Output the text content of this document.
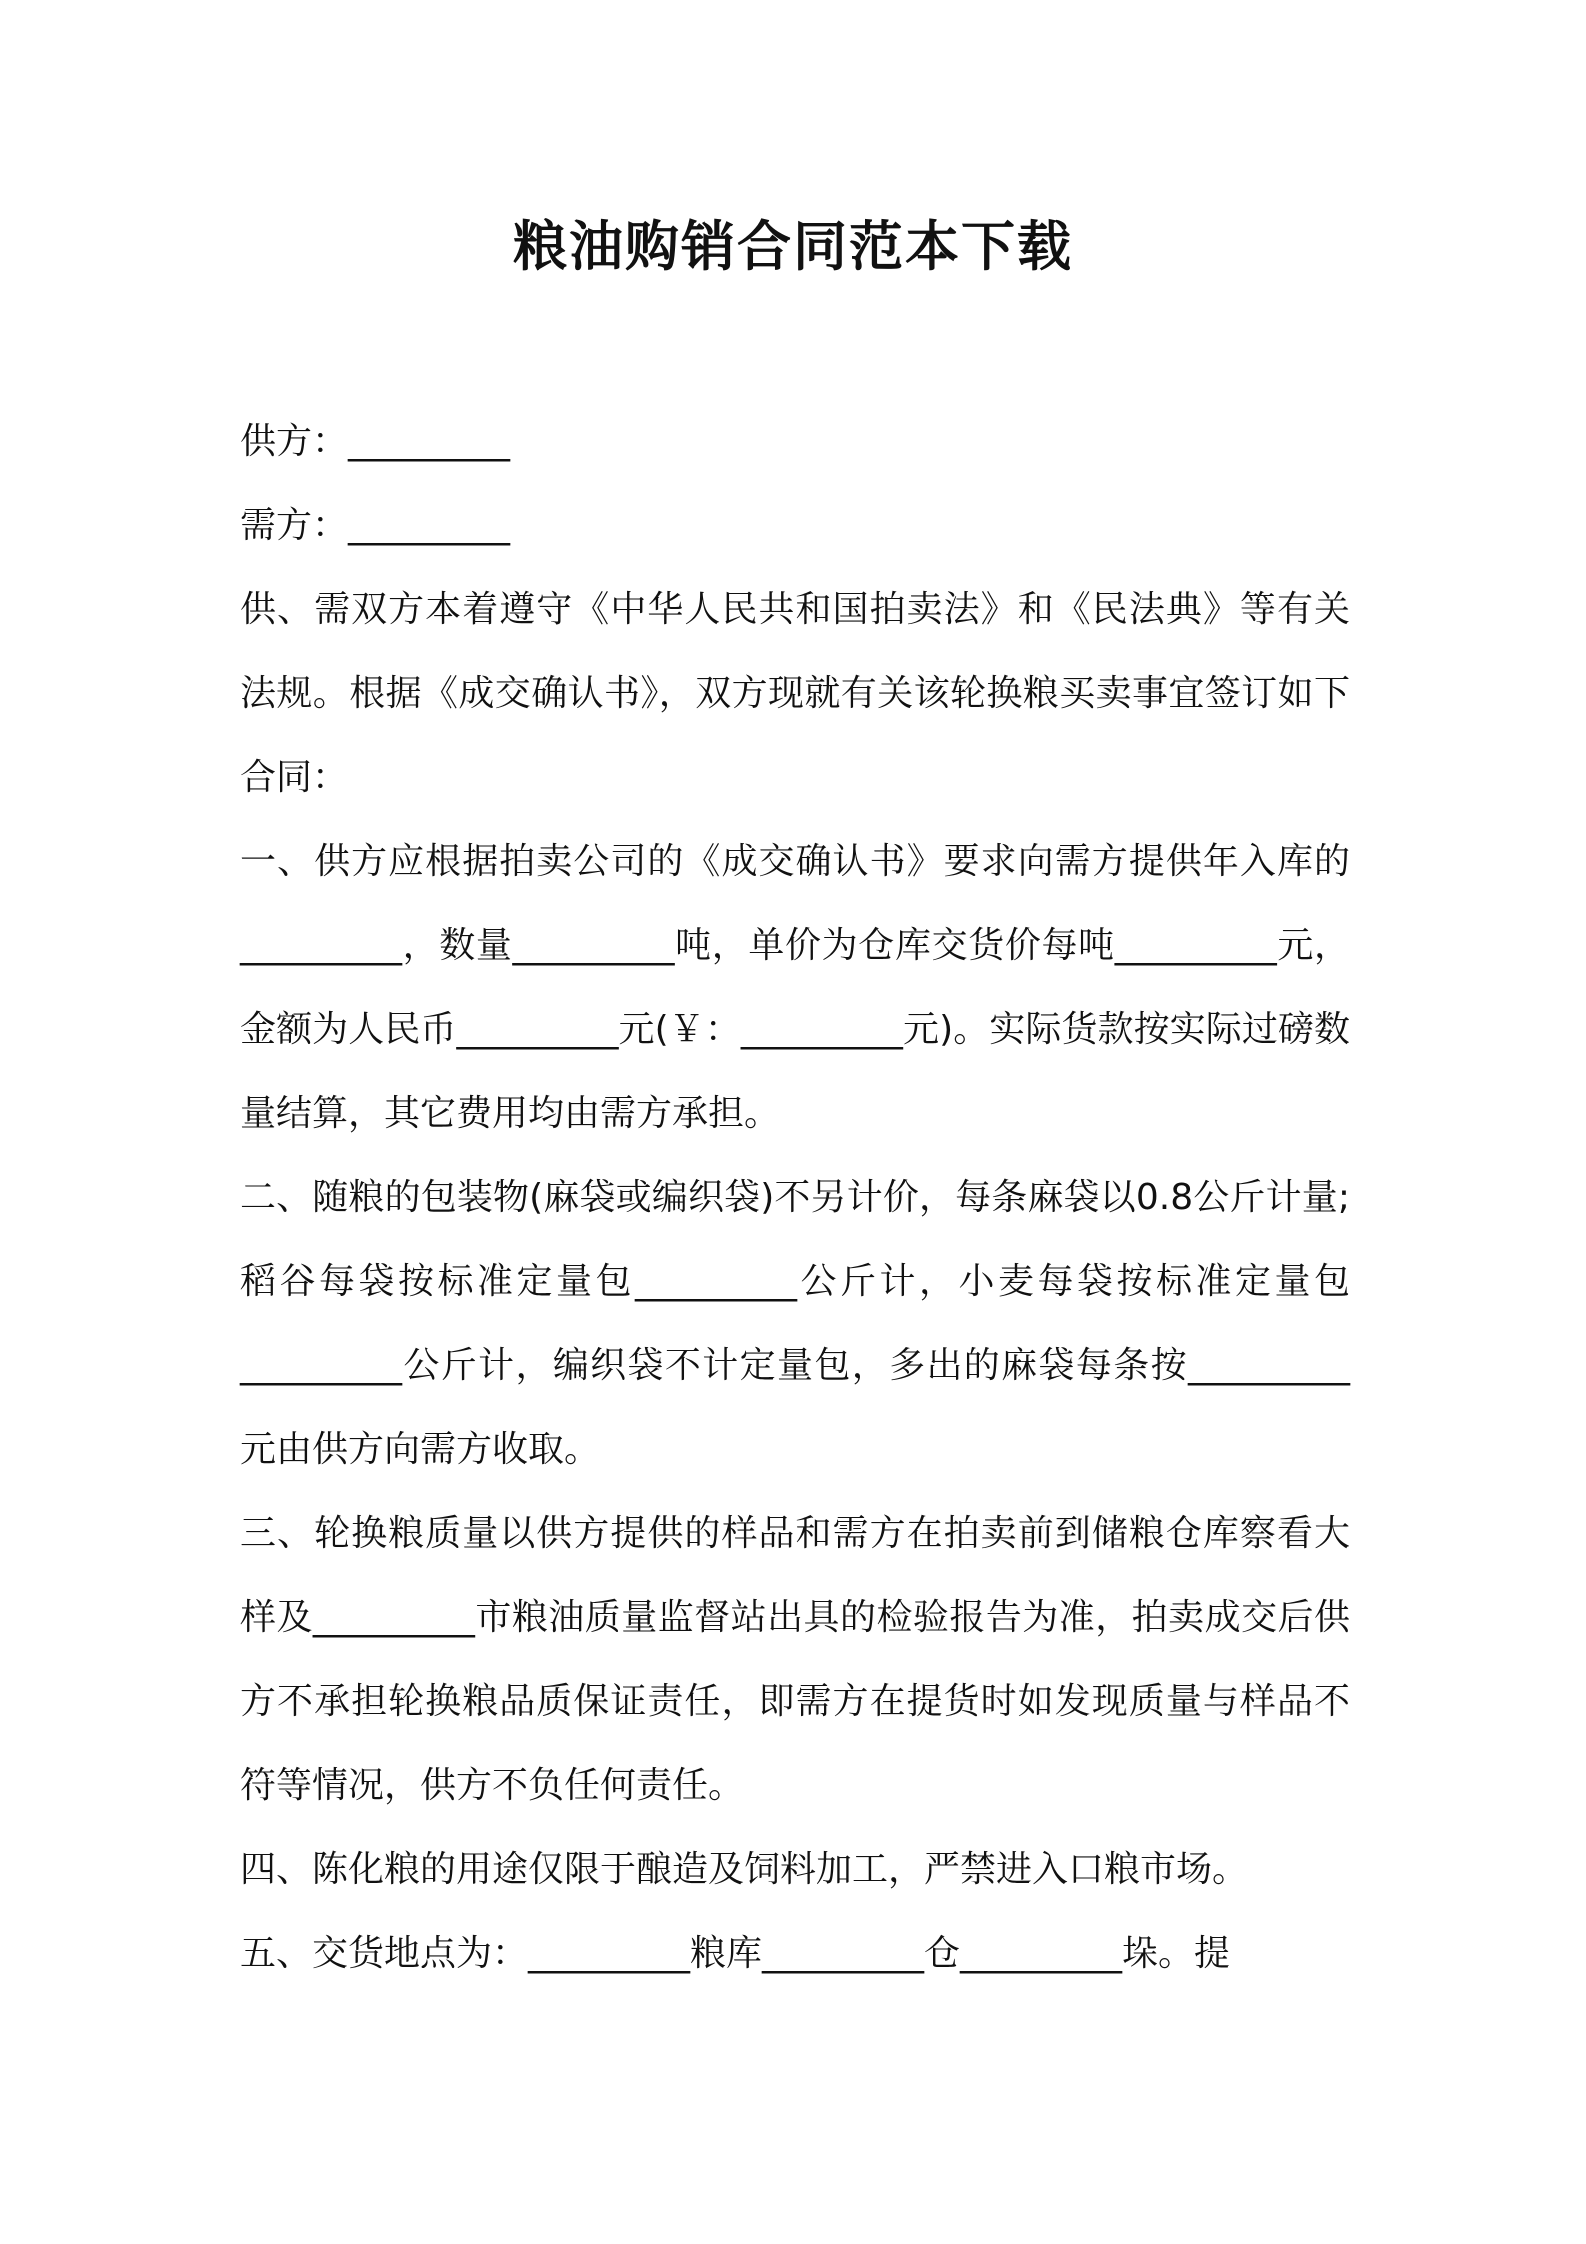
粮油购销合同范本下载

供方：_________

需方：_________

供、需双方本着遵守《中华人民共和国拍卖法》和《民法典》等有关法规。根据《成交确认书》，双方现就有关该轮换粮买卖事宜签订如下合同：

一、供方应根据拍卖公司的《成交确认书》要求向需方提供年入库的_________，数量_________吨，单价为仓库交货价每吨_________元，金额为人民币_________元(￥：_________元)。实际货款按实际过磅数量结算，其它费用均由需方承担。

二、随粮的包装物(麻袋或编织袋)不另计价，每条麻袋以0.8公斤计量;稻谷每袋按标准定量包_________公斤计，小麦每袋按标准定量包_________公斤计，编织袋不计定量包，多出的麻袋每条按_________元由供方向需方收取。

三、轮换粮质量以供方提供的样品和需方在拍卖前到储粮仓库察看大样及_________市粮油质量监督站出具的检验报告为准，拍卖成交后供方不承担轮换粮品质保证责任，即需方在提货时如发现质量与样品不符等情况，供方不负任何责任。

四、陈化粮的用途仅限于酿造及饲料加工，严禁进入口粮市场。

五、交货地点为：_________粮库_________仓_________垛。提
